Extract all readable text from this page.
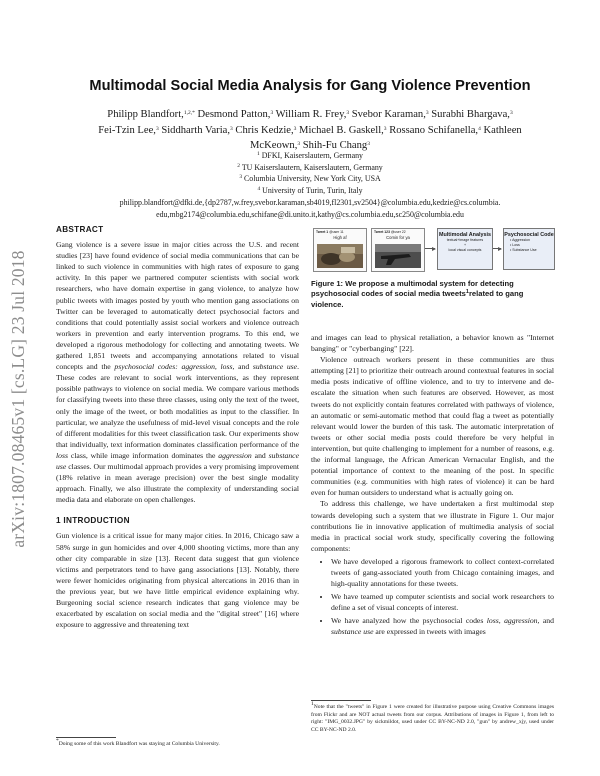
arXiv:1807.08465v1 [cs.LG] 23 Jul 2018
Multimodal Social Media Analysis for Gang Violence Prevention
Philipp Blandfort,$^{1,2,*}$ Desmond Patton,$^3$ William R. Frey,$^3$ Svebor Karaman,$^3$ Surabhi Bhargava,$^3$
Fei-Tzin Lee,$^3$ Siddharth Varia,$^3$ Chris Kedzie,$^3$ Michael B. Gaskell,$^3$ Rossano Schifanella,$^4$ Kathleen
McKeown,$^3$ Shih-Fu Chang$^3$
$^1$ DFKI, Kaiserslautern, Germany
$^2$ TU Kaiserslautern, Kaiserslautern, Germany
$^3$ Columbia University, New York City, USA
$^4$ University of Turin, Turin, Italy
philipp.blandfort@dfki.de,{dp2787,w.frey,svebor.karaman,sb4019,fl2301,sv2504}@columbia.edu,kedzie@cs.columbia.
edu,mbg2174@columbia.edu,schifane@di.unito.it,kathy@cs.columbia.edu,sc250@columbia.edu
ABSTRACT

Gang violence is a severe issue in major cities across the U.S. and recent studies [23] have found evidence of social media communications that can be linked to such violence in communities with high rates of exposure to gang activity. In this paper we partnered computer scientists with social work researchers, who have domain expertise in gang violence, to analyze how public tweets with images posted by youth who mention gang associations on Twitter can be leveraged to automatically detect psychosocial factors and conditions that could potentially assist social workers and violence outreach workers in prevention and early intervention programs. To this end, we developed a rigorous methodology for collecting and annotating tweets. We gathered 1,851 tweets and accompanying annotations related to visual concepts and the psychosocial codes: aggression, loss, and substance use. These codes are relevant to social work interventions, as they represent possible pathways to violence on social media. We compare various methods for classifying tweets into these three classes, using only the text of the tweet, only the image of the tweet, or both modalities as input to the classifier. In particular, we analyze the usefulness of mid-level visual concepts and the role of different modalities for this tweet classification task. Our experiments show that individually, text information dominates classification performance of the loss class, while image information dominates the aggression and substance use classes. Our multimodal approach provides a very promising improvement (18% relative in mean average precision) over the best single modality approach. Finally, we also illustrate the complexity of understanding social media data and elaborate on open challenges.

1 INTRODUCTION

Gun violence is a critical issue for many major cities. In 2016, Chicago saw a 58% surge in gun homicides and over 4,000 shooting victims, more than any other city comparable in size [13]. Recent data suggest that gun violence victims and perpetrators tend to have gang associations [13]. Notably, there were fewer homicides originating from physical altercations in 2016 than in the previous year, but we have little empirical evidence explaining why. Burgeoning social science research indicates that gang violence may be exacerbated by escalation on social media and the "digital street" [16] where exposure to aggressive and threatening text

*Doing some of this work Blandfort was staying at Columbia University.
Tweet 1 @user 11
High af
Tweet 123 @user 22
Comin for ya	Multimodal Analysis
textual+image features
+
local visual concepts
Psychosocial Code
• Aggression
• Loss
• Substance Use
Figure 1: We propose a multimodal system for detecting psychosocial codes of social media tweets$^1$related to gang violence.

and images can lead to physical retaliation, a behavior known as "Internet banging" or "cyberbanging" [22].

Violence outreach workers present in these communities are thus attempting [21] to prioritize their outreach around contextual features in social media posts indicative of offline violence, and to try to intervene and de-escalate the situation when such features are observed. However, as most tweets do not explicitly contain features correlated with pathways of violence, an automatic or semi-automatic method that could flag a tweet as potentially relevant would lower the burden of this task. The automatic interpretation of tweets or other social media posts could therefore be very helpful in intervention, but quite challenging to implement for a number of reasons, e.g. the informal language, the African American Vernacular English, and the potential importance of context to the meaning of the post. In specific communities (e.g. communities with high rates of violence) it can be hard even for human outsiders to understand what is actually going on.

To address this challenge, we have undertaken a first multimodal step towards developing such a system that we illustrate in Figure 1. Our major contributions lie in innovative application of multimedia analysis of social media in practical social work study, specifically covering the following components:

• We have developed a rigorous framework to collect context-correlated tweets of gang-associated youth from Chicago containing images, and high-quality annotations for these tweets.
• We have teamed up computer scientists and social work researchers to define a set of visual concepts of interest.
• We have analyzed how the psychosocial codes loss, aggression, and substance use are expressed in tweets with images
$^1$Note that the "tweets" in Figure 1 were created for illustrative purpose using Creative Commons images from Flickr and are NOT actual tweets from our corpus. Attributions of images in Figure 1, from left to right: "IMG_0032.JPG" by sickmildot, used under CC BY-NC-ND 2.0, "gun" by andrew_xjy, used under CC BY-NC-ND 2.0.
